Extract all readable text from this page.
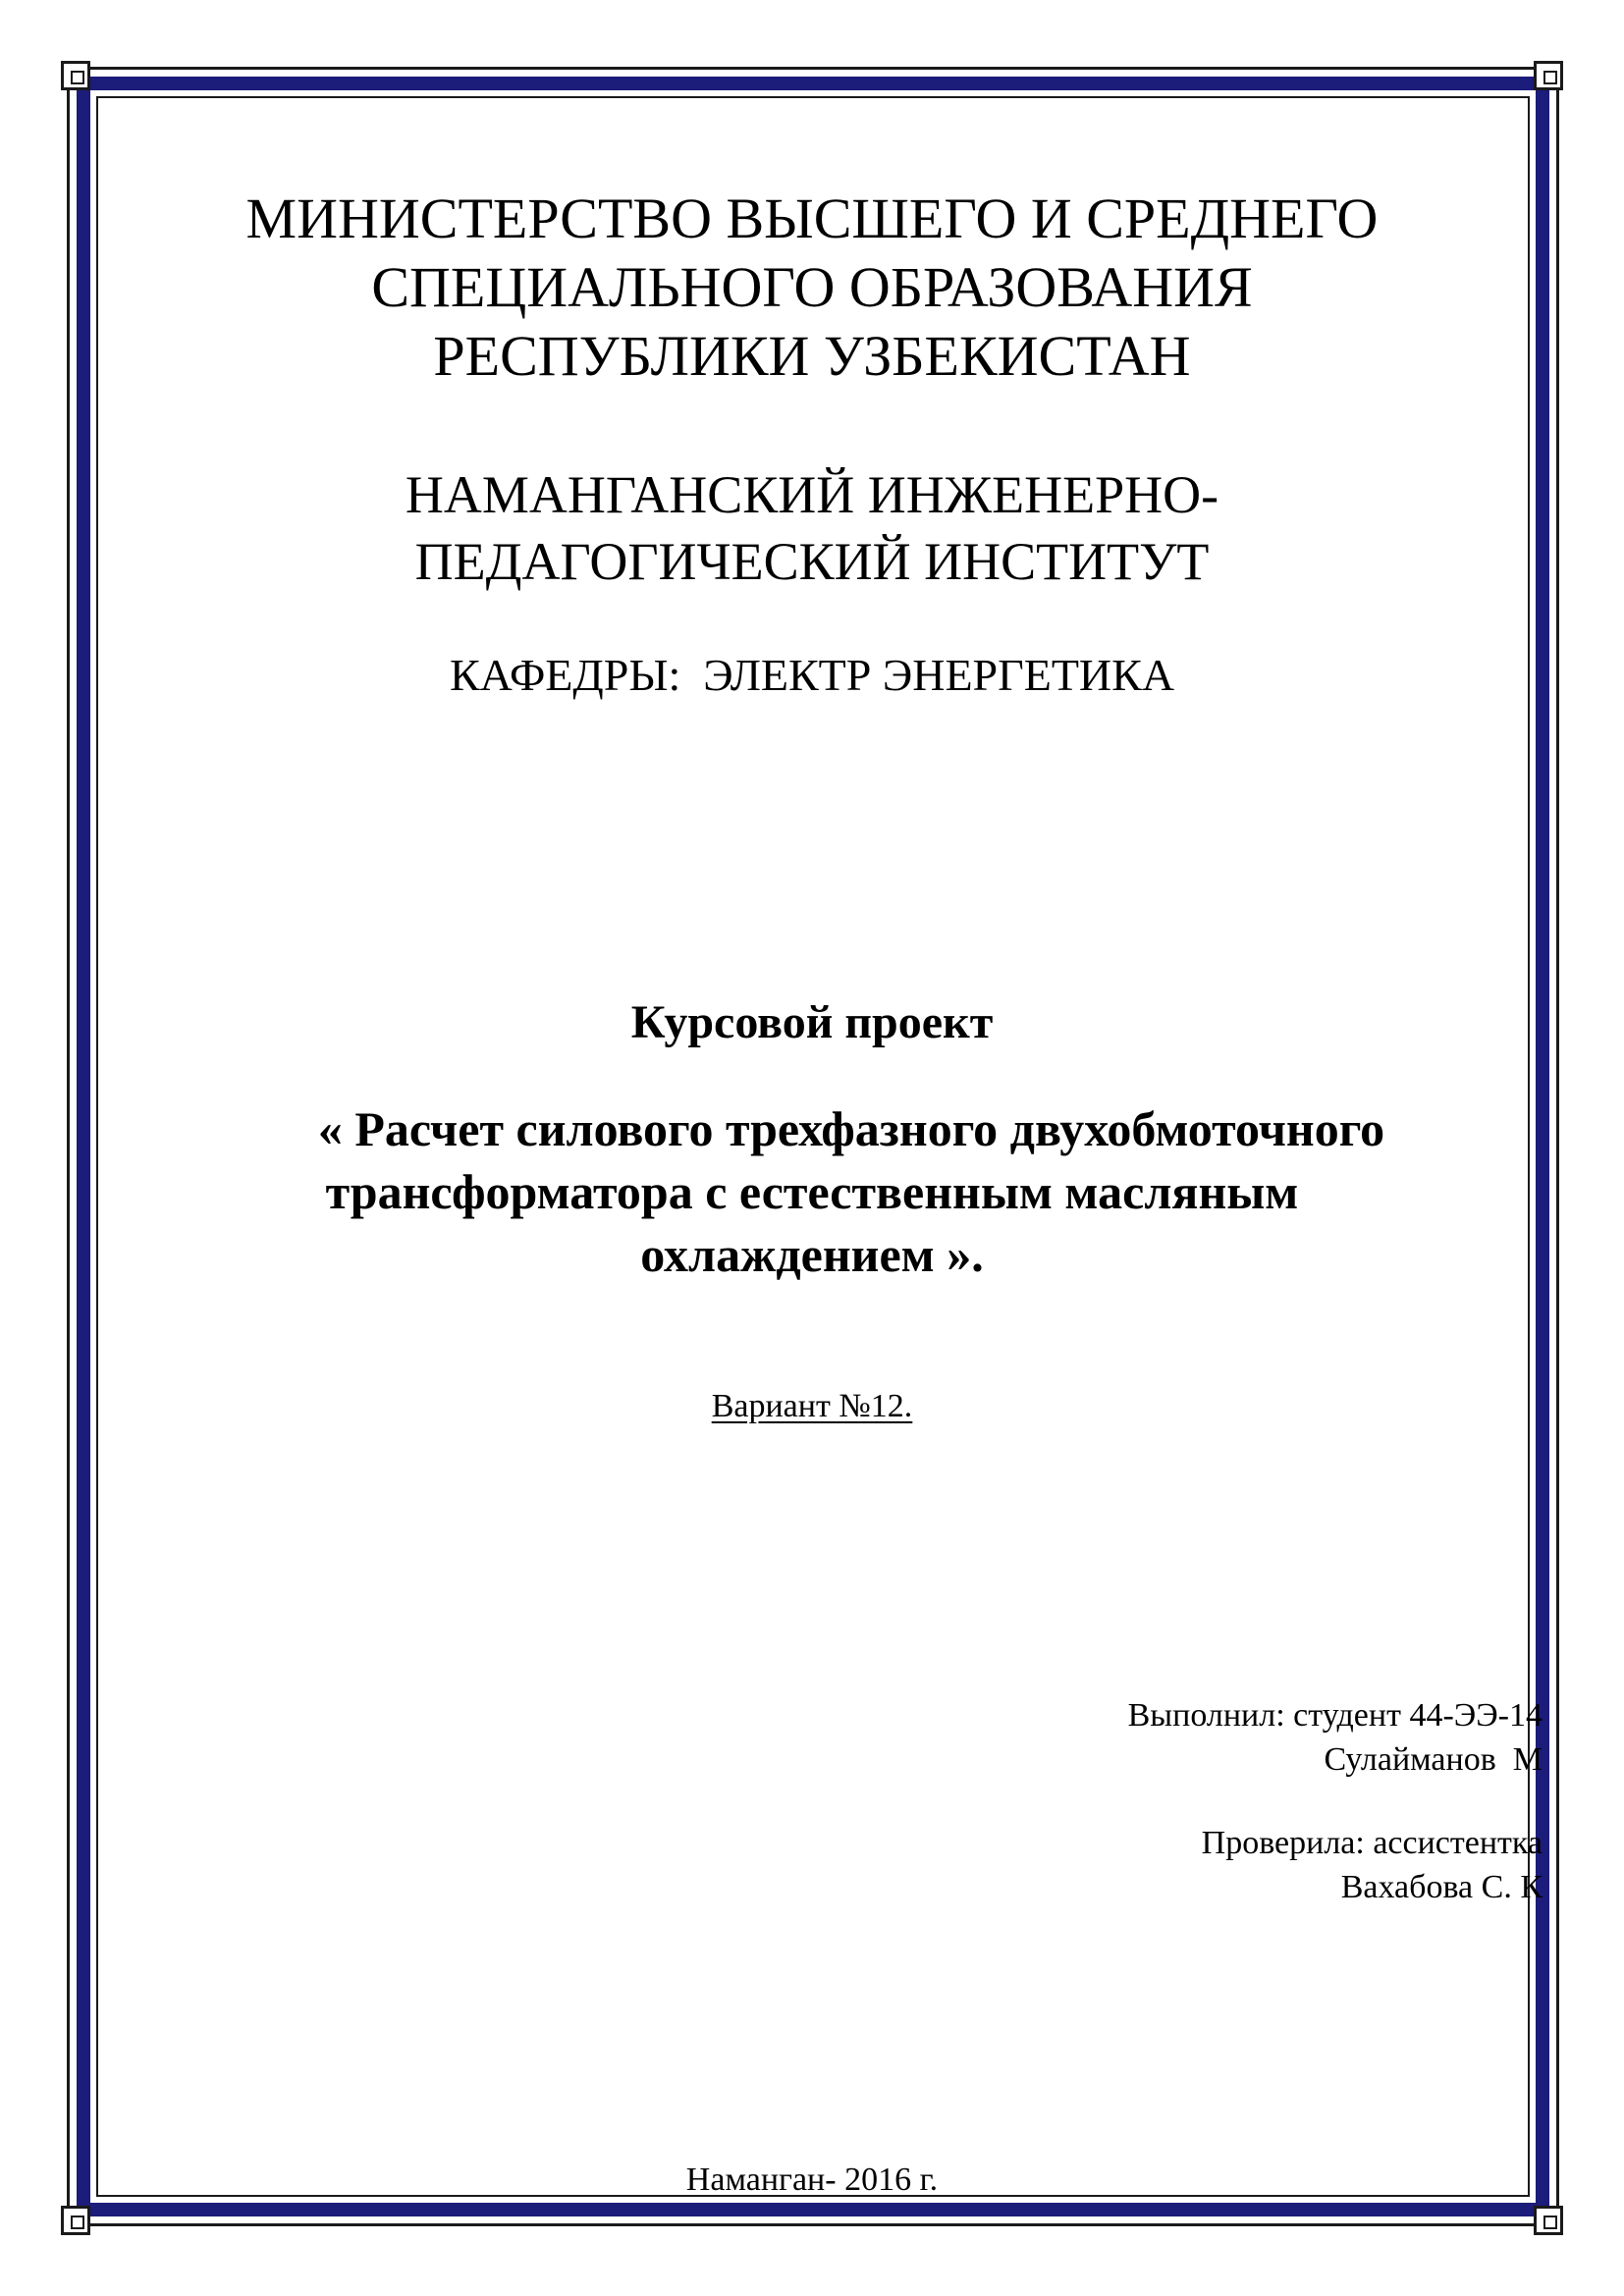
МИНИСТЕРСТВО ВЫСШЕГО И СРЕДНЕГО
СПЕЦИАЛЬНОГО ОБРАЗОВАНИЯ
РЕСПУБЛИКИ УЗБЕКИСТАН
НАМАНГАНСКИЙ ИНЖЕНЕРНО-
ПЕДАГОГИЧЕСКИЙ ИНСТИТУТ
КАФЕДРЫ:  ЭЛЕКТР ЭНЕРГЕТИКА
Курсовой проект
« Расчет силового трехфазного двухобмоточного
трансформатора с естественным масляным
охлаждением ».
Вариант №12.
Выполнил: студент 44-ЭЭ-14
Сулайманов  М
Проверила: ассистентка
Вахабова С. К
Наманган- 2016 г.
